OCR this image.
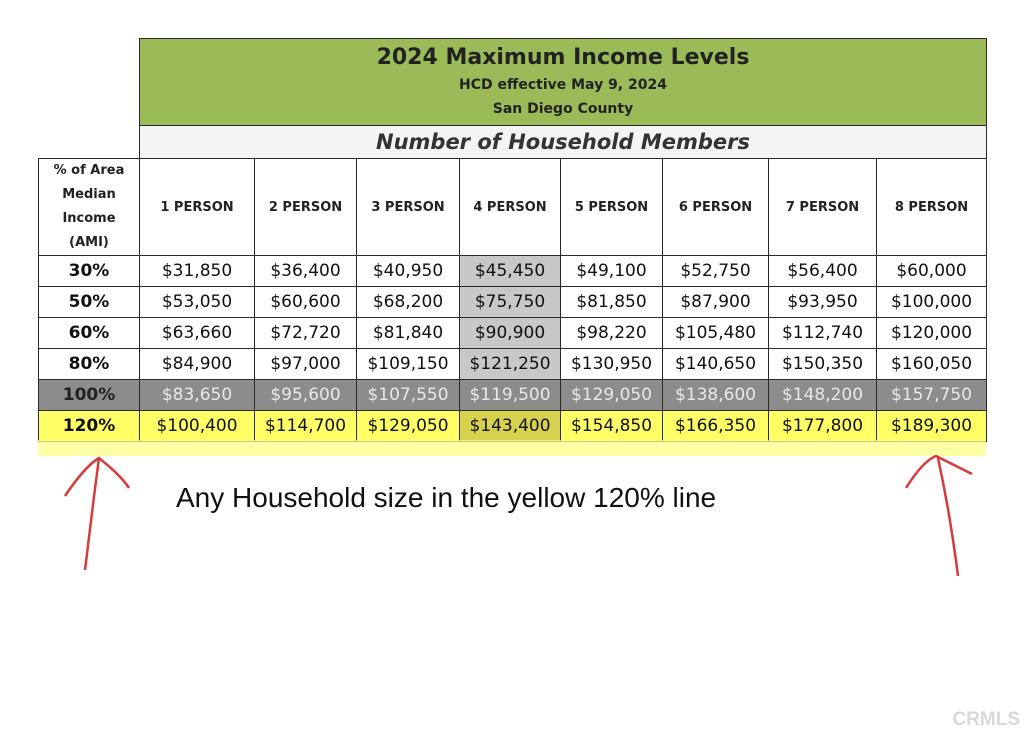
	2024 Maximum Income Levels
HCD effective May 9, 2024
San Diego County							

	Number of Household Members							

% of Area
Median
Income
(AMI)	1 PERSON	2 PERSON	3 PERSON	4 PERSON	5 PERSON	6 PERSON	7 PERSON	8 PERSON
30%	$31,850	$36,400	$40,950	$45,450	$49,100	$52,750	$56,400	$60,000
50%	$53,050	$60,600	$68,200	$75,750	$81,850	$87,900	$93,950	$100,000
60%	$63,660	$72,720	$81,840	$90,900	$98,220	$105,480	$112,740	$120,000
80%	$84,900	$97,000	$109,150	$121,250	$130,950	$140,650	$150,350	$160,050
100%	$83,650	$95,600	$107,550	$119,500	$129,050	$138,600	$148,200	$157,750
120%	$100,400	$114,700	$129,050	$143,400	$154,850	$166,350	$177,800	$189,300
Any Household size in the yellow 120% line
CRMLS
